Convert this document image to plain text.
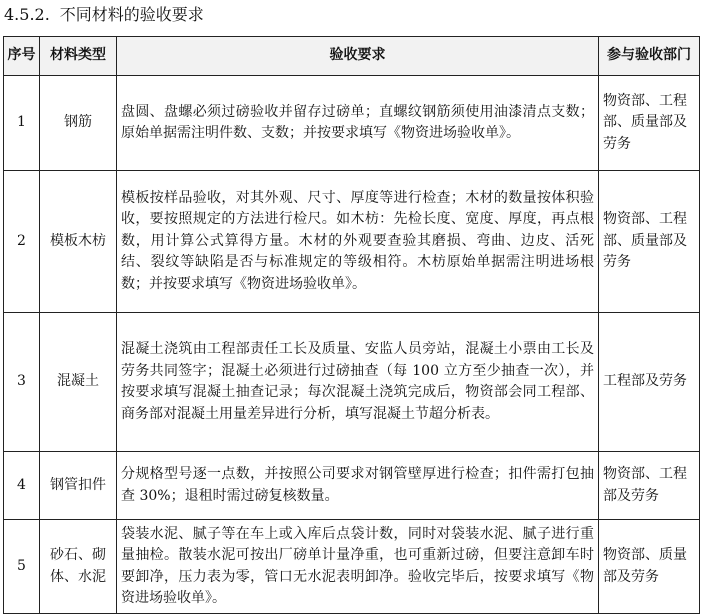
4.5.2. 不同材料的验收要求
序号	材料类型	验收要求	参与验收部门
1	钢筋	盘圆、盘螺必须过磅验收并留存过磅单；直螺纹钢筋须使用油漆清点支数；原始单据需注明件数、支数；并按要求填写《物资进场验收单》。	物资部、工程部、质量部及劳务
2	模板木枋	模板按样品验收，对其外观、尺寸、厚度等进行检查；木材的数量按体积验收，要按照规定的方法进行检尺。如木枋：先检长度、宽度、厚度，再点根数，用计算公式算得方量。木材的外观要查验其磨损、弯曲、边皮、活死结、裂纹等缺陷是否与标准规定的等级相符。木枋原始单据需注明进场根数；并按要求填写《物资进场验收单》。	物资部、工程部、质量部及劳务
3	混凝土	混凝土浇筑由工程部责任工长及质量、安监人员旁站，混凝土小票由工长及劳务共同签字；混凝土必须进行过磅抽查（每 100 立方至少抽查一次），并按要求填写混凝土抽查记录；每次混凝土浇筑完成后，物资部会同工程部、商务部对混凝土用量差异进行分析，填写混凝土节超分析表。	工程部及劳务
4	钢管扣件	分规格型号逐一点数，并按照公司要求对钢管壁厚进行检查；扣件需打包抽查 30%；退租时需过磅复核数量。	物资部、工程部及劳务
5	砂石、砌体、水泥	袋装水泥、腻子等在车上或入库后点袋计数，同时对袋装水泥、腻子进行重量抽检。散装水泥可按出厂磅单计量净重，也可重新过磅，但要注意卸车时要卸净，压力表为零，管口无水泥表明卸净。验收完毕后，按要求填写《物资进场验收单》。	物资部、质量部及劳务
